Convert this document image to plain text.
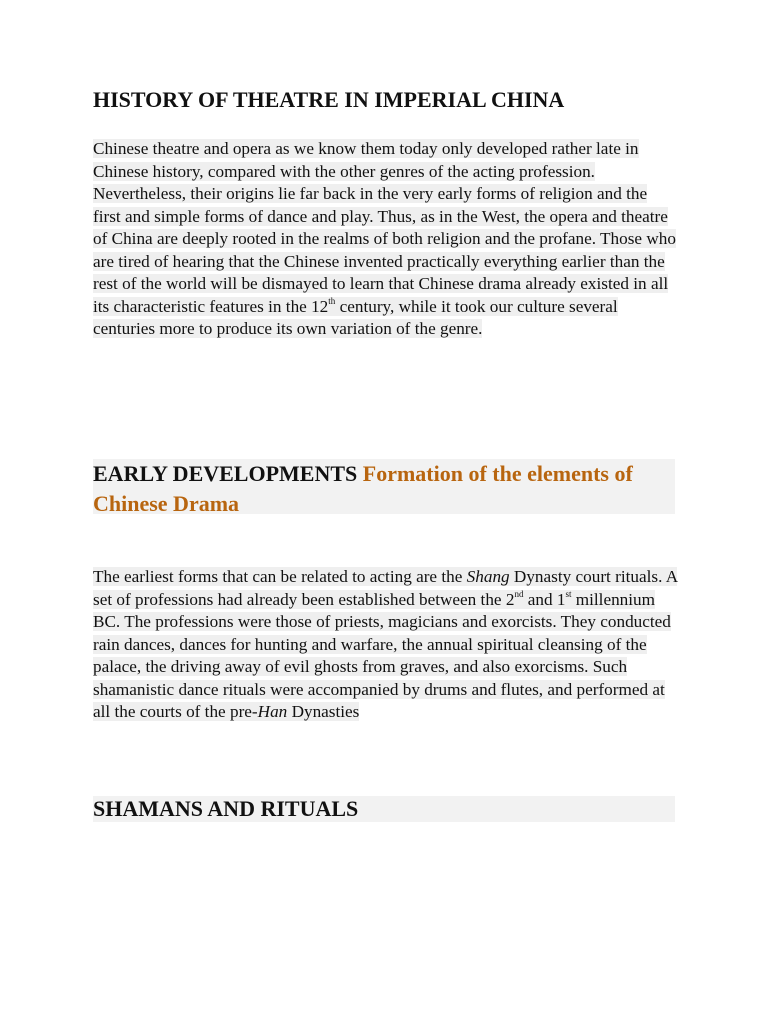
HISTORY OF THEATRE IN IMPERIAL CHINA

Chinese theatre and opera as we know them today only developed rather late in Chinese history, compared with the other genres of the acting profession. Nevertheless, their origins lie far back in the very early forms of religion and the first and simple forms of dance and play. Thus, as in the West, the opera and theatre of China are deeply rooted in the realms of both religion and the profane. Those who are tired of hearing that the Chinese invented practically everything earlier than the rest of the world will be dismayed to learn that Chinese drama already existed in all its characteristic features in the 12th century, while it took our culture several centuries more to produce its own variation of the genre.

EARLY DEVELOPMENTS Formation of the elements of Chinese Drama

The earliest forms that can be related to acting are the Shang Dynasty court rituals. A set of professions had already been established between the 2nd and 1st millennium BC. The professions were those of priests, magicians and exorcists. They conducted rain dances, dances for hunting and warfare, the annual spiritual cleansing of the palace, the driving away of evil ghosts from graves, and also exorcisms. Such shamanistic dance rituals were accompanied by drums and flutes, and performed at all the courts of the pre-Han Dynasties

SHAMANS AND RITUALS
